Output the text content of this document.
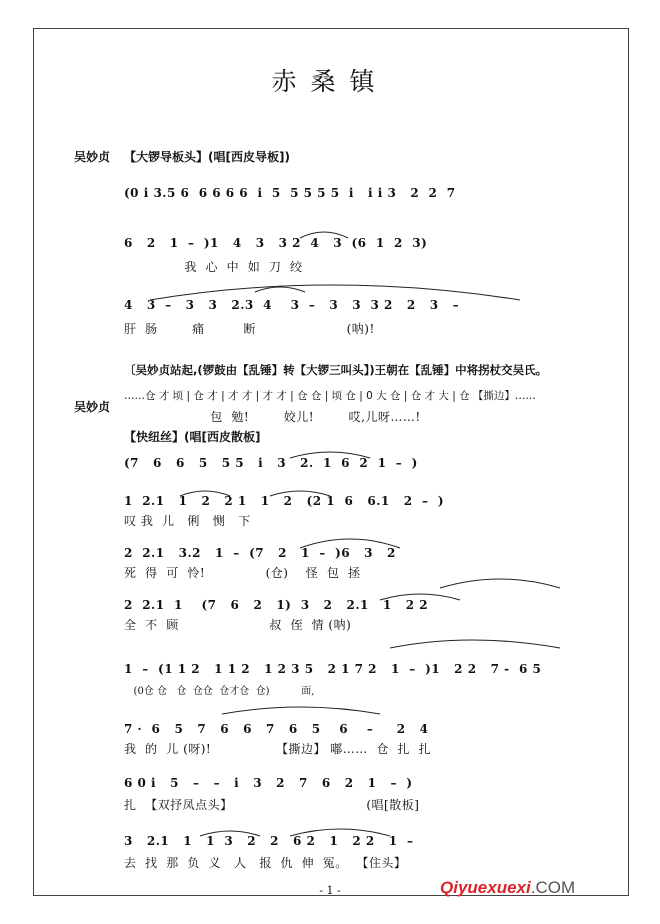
赤桑镇
吴妙贞 【大锣导板头】(唱[西皮导板])
(0 i 3.5 6  6 6 6 6  i  5  5 5 5 5  i   i i 3   2  2  7
6   2   1  –  )1   4   3   3 2  4   3  (6  1  2  3)
我  心  中  如  刀  绞
4   3  –   3   3   2.3  4    3  –   3   3  3 2   2   3   –
肝  肠        痛         断                     (呐)!
〔吴妙贞站起,(锣鼓由【乱锤】转【大锣三叫头】)王朝在【乱锤】中将拐杖交吴氏。
吴妙贞
……仓 才 顷 | 仓 才 | 才 才 | 才 才 | 仓 仓 | 顷 仓 | 0 大 仓 | 仓 才 大 | 仓 【撕边】……
包  勉!        姣儿!        哎,儿呀……!
【快纽丝】(唱[西皮散板]
(7   6   6   5   5 5   i   3   2.  1  6  2  1  –  )
1  2.1   1   2   2 1   1   2   (2 1  6   6.1   2  –  )
叹 我  儿   俐   恻   下
2  2.1   3.2   1  –  (7   2   1  –  )6   3   2
死  得  可  怜!              (仓)    怪  包  拯
2  2.1  1    (7   6   2   1)  3   2   2.1   1   2 2
全  不  顾                     叔  侄  情 (呐)
1  –  (1 1 2   1 1 2   1 2 3 5   2 1 7 2   1  –  )1   2 2   7 -  6 5
(0仓 仓   仓  仓仓  仓才仓  仓)          面,
7 ·  6   5   7   6   6   7   6   5    6    –     2   4
我  的  儿 (呀)!               【撕边】 嘟……  仓  扎  扎
6 0 i   5   –   –   i   3   2   7   6   2   1   –  )
扎  【双抒凤点头】                               (唱[散板]
3   2.1   1   1  3   2   2   6 2   1   2 2   1  –
去  找  那  负  义   人   报  仇  伸  冤。  【住头】
- 1 -	Qiyuexuexi.COM
